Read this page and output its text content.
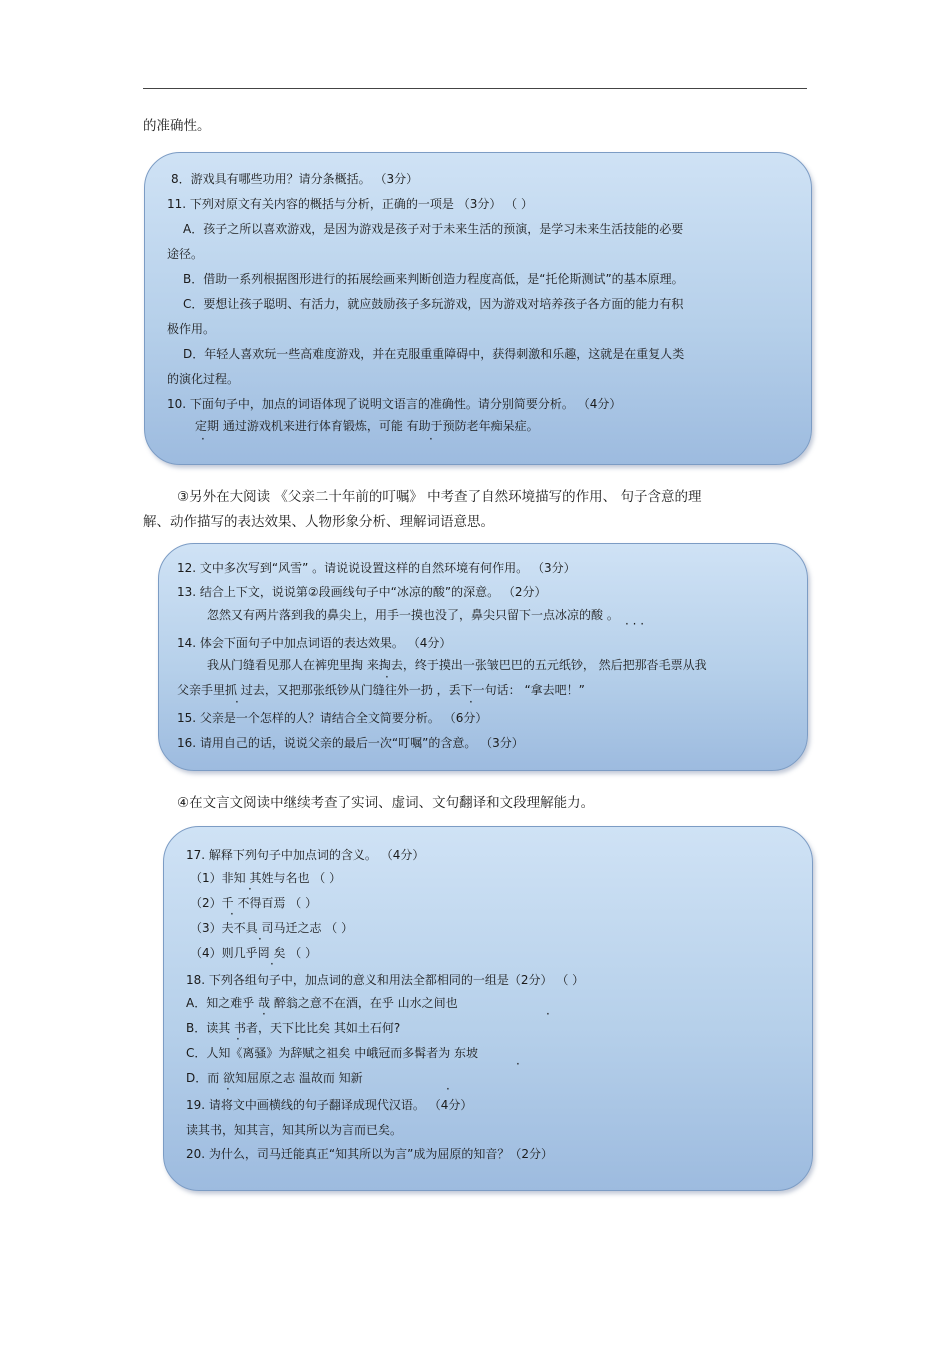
的准确性。
8．游戏具有哪些功用？请分条概括。 （3分）
11. 下列对原文有关内容的概括与分析，正确的一项是 （3分） （ ）
A．孩子之所以喜欢游戏，是因为游戏是孩子对于未来生活的预演，是学习未来生活技能的必要
途径。
B．借助一系列根据图形进行的拓展绘画来判断创造力程度高低，是“托伦斯测试”的基本原理。
C．要想让孩子聪明、有活力，就应鼓励孩子多玩游戏，因为游戏对培养孩子各方面的能力有积
极作用。
D．年轻人喜欢玩一些高难度游戏，并在克服重重障碍中，获得刺激和乐趣，这就是在重复人类
的演化过程。
10. 下面句子中，加点的词语体现了说明文语言的准确性。请分别简要分析。 （4分）
定期 通过游戏机来进行体育锻炼，可能 有助于预防老年痴呆症。
·	·
③另外在大阅读 《父亲二十年前的叮嘱》 中考查了自然环境描写的作用、 句子含意的理
解、动作描写的表达效果、人物形象分析、理解词语意思。
12. 文中多次写到“风雪” 。请说说设置这样的自然环境有何作用。 （3分）
13. 结合上下文，说说第②段画线句子中“冰凉的酸”的深意。 （2分）
忽然又有两片落到我的鼻尖上，用手一摸也没了，鼻尖只留下一点冰凉的酸 。
· · ·
14. 体会下面句子中加点词语的表达效果。 （4分）
我从门缝看见那人在裤兜里掏 来掏去，终于摸出一张皱巴巴的五元纸钞， 然后把那沓毛票从我
·
父亲手里抓 过去，又把那张纸钞从门缝往外一扔 ，丢下一句话： “拿去吧！”
·	·
15. 父亲是一个怎样的人？请结合全文简要分析。 （6分）
16. 请用自己的话，说说父亲的最后一次“叮嘱”的含意。 （3分）
④在文言文阅读中继续考查了实词、虚词、文句翻译和文段理解能力。
17. 解释下列句子中加点词的含义。 （4分）
（1）非知 其姓与名也 （ ）
·
（2）千 不得百焉 （ ）
·
（3）夫不具 司马迁之志 （ ）
·
（4）则几乎罔 矣 （ ）
·
18. 下列各组句子中，加点词的意义和用法全都相同的一组是（2分） （ ）
A．知之难乎 哉 醉翁之意不在酒，在乎 山水之间也
·	·
B．读其 书者，天下比比矣 其如土石何?
·
C．人知《离骚》为辞赋之祖矣 中峨冠而多髯者为 东坡
·
D．而 欲知屈原之志 温故而 知新
·	·
19. 请将文中画横线的句子翻译成现代汉语。 （4分）
读其书，知其言，知其所以为言而已矣。
20. 为什么，司马迁能真正“知其所以为言”成为屈原的知音？（2分）
